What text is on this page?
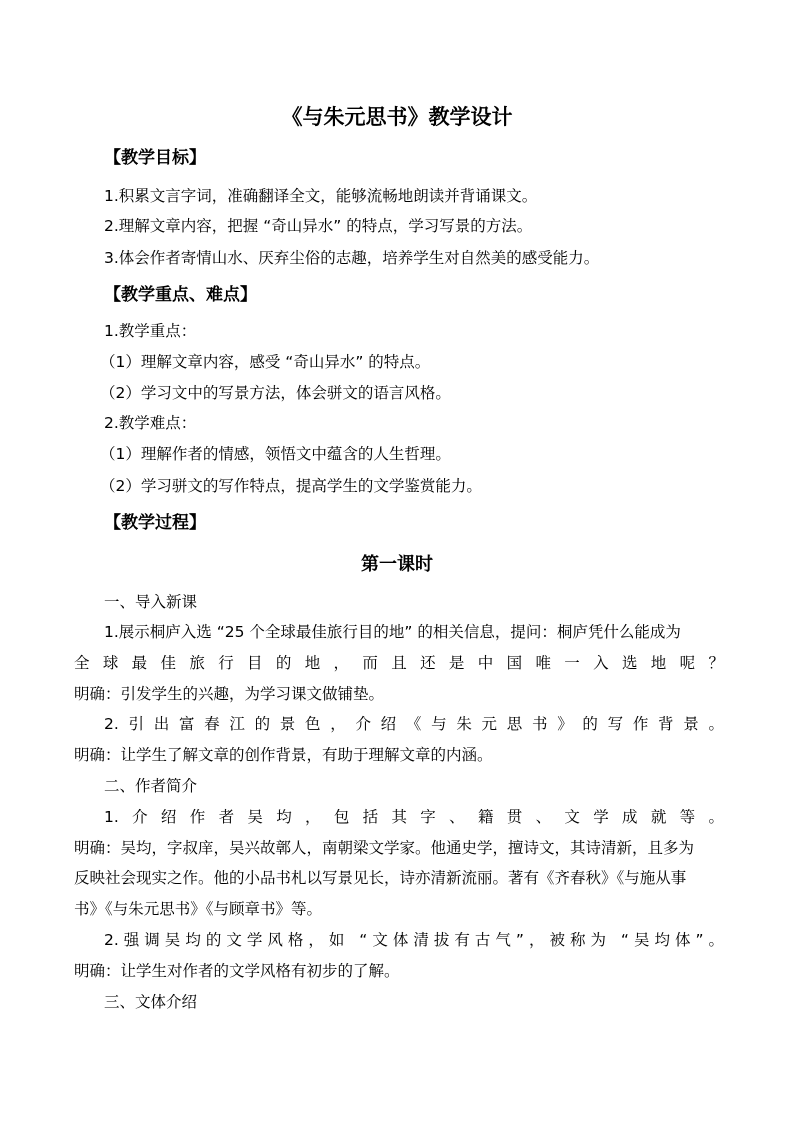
《与朱元思书》教学设计
【教学目标】
1.积累文言字词，准确翻译全文，能够流畅地朗读并背诵课文。
2.理解文章内容，把握 “奇山异水” 的特点，学习写景的方法。
3.体会作者寄情山水、厌弃尘俗的志趣，培养学生对自然美的感受能力。
【教学重点、难点】
1.教学重点：
（1）理解文章内容，感受 “奇山异水” 的特点。
（2）学习文中的写景方法，体会骈文的语言风格。
2.教学难点：
（1）理解作者的情感，领悟文中蕴含的人生哲理。
（2）学习骈文的写作特点，提高学生的文学鉴赏能力。
【教学过程】
第一课时
一、导入新课
1.展示桐庐入选 “25 个全球最佳旅行目的地” 的相关信息，提问：桐庐凭什么能成为
全球最佳旅行目的地，而且还是中国唯一入选地呢？
明确：引发学生的兴趣，为学习课文做铺垫。
2.引出富春江的景色，介绍《与朱元思书》的写作背景。
明确：让学生了解文章的创作背景，有助于理解文章的内涵。
二、作者简介
1.介绍作者吴均，包括其字、籍贯、文学成就等。
明确：吴均，字叔庠，吴兴故鄣人，南朝梁文学家。他通史学，擅诗文，其诗清新，且多为
反映社会现实之作。他的小品书札以写景见长，诗亦清新流丽。著有《齐春秋》《与施从事
书》《与朱元思书》《与顾章书》等。
2.强调吴均的文学风格，如 “文体清拔有古气”，被称为 “吴均体”。
明确：让学生对作者的文学风格有初步的了解。
三、文体介绍
